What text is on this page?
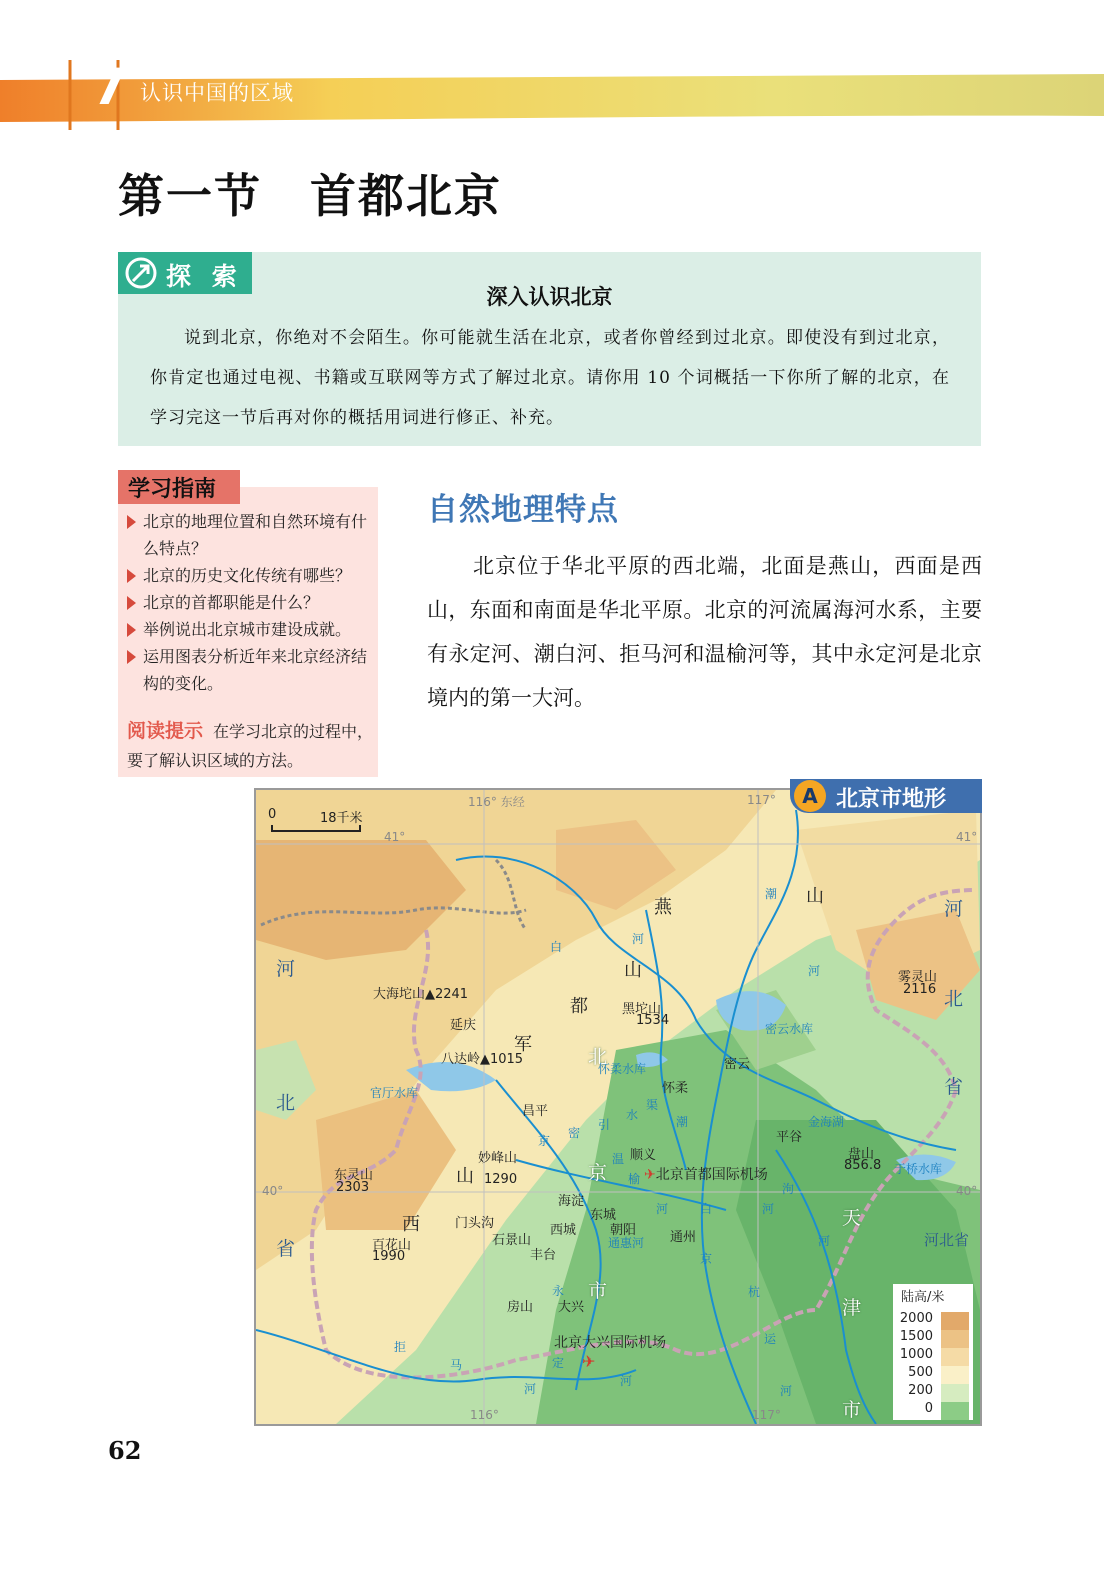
7 认识中国的区域
第一节　首都北京
探 索
深入认识北京
说到北京，你绝对不会陌生。你可能就生活在北京，或者你曾经到过北京。即使没有到过北京，你肯定也通过电视、书籍或互联网等方式了解过北京。请你用 10 个词概括一下你所了解的北京，在学习完这一节后再对你的概括用词进行修正、补充。
学习指南
北京的地理位置和自然环境有什么特点？
北京的历史文化传统有哪些？
北京的首都职能是什么？
举例说出北京城市建设成就。
运用图表分析近年来北京经济结构的变化。
阅读提示 在学习北京的过程中，要了解认识区域的方法。
自然地理特点
北京位于华北平原的西北端，北面是燕山，西面是西山，东面和南面是华北平原。北京的河流属海河水系，主要有永定河、潮白河、拒马河和温榆河等，其中永定河是北京境内的第一大河。
116° 东经	117°
116°	117°
41°	41°
40°	40°
0	18千米
A 北京市地形
河
北
省
河
北
省
河北省
天
津
市
北
京
市
燕
山
军
都
山
西
山
大海坨山▲2241
八达岭▲1015
黑坨山
1534
雾灵山
2116
盘山
856.8
妙峰山
1290
东灵山
2303
百花山
1990
延庆
昌平
怀柔
密云
平谷
顺义
海淀
东城
西城	朝阳	通州
门头沟
石景山
丰台
房山 大兴
✈北京首都国际机场
北京大兴国际机场
✈
官厅水库
密云水库
怀柔水库
于桥水库
潮
河
白
河
潮
白	河
京
密
引
水
渠
温
榆
河
金海湖
通惠河
京
杭
运
河
永
定
河
拒
马
河
泃
河
2000
1500
1000
500
200
0
陆高/米
62
